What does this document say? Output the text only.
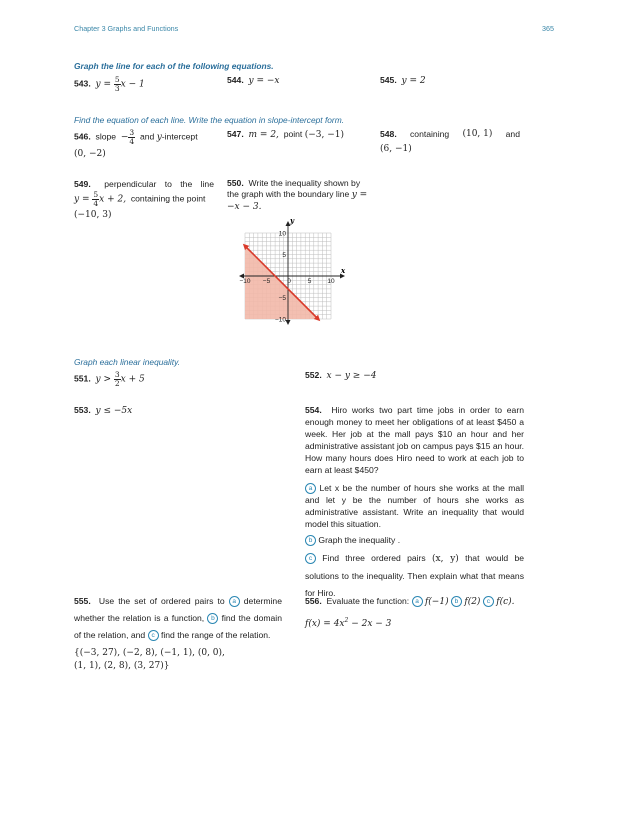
Chapter 3 Graphs and Functions	365
Graph the line for each of the following equations.
543. $y = \frac{5}{3}$ x − 1	544. y = −x	545. y = 2
Find the equation of each line. Write the equation in slope-intercept form.
546. slope − $\frac{3}{4}$ and y-intercept
(0, −2)
547. m = 2, point (−3, −1)	548. containing (10, 1) and
(6, −1)
549. perpendicular to the line
$y = \frac{5}{4}$ x + 2, containing the point
(−10, 3)
550. Write the inequality shown by the graph with the boundary line y = −x − 3.
−10 −5	0	5 10
10
5
−5
−10
x
y
Graph each linear inequality.
551. $y > \frac{3}{2}$ x + 5	552. x − y ≥ −4
553. y ≤ −5x	554. Hiro works two part time jobs in order to earn enough money to meet her obligations of at least $450 a week. Her job at the mall pays $10 an hour and her administrative assistant job on campus pays $15 an hour. How many hours does Hiro need to work at each job to earn at least $450?

a Let x be the number of hours she works at the mall and let y be the number of hours she works as administrative assistant. Write an inequality that would model this situation.

b Graph the inequality .

c Find three ordered pairs (x, y) that would be solutions to the inequality. Then explain what that means for Hiro.

555. Use the set of ordered pairs to a determine whether the relation is a function, b find the domain of the relation, and c find the range of the relation.

{(−3, 27), (−2, 8), (−1, 1), (0, 0),
(1, 1), (2, 8), (3, 27)}

556. Evaluate the function: a f(−1) b f(2) c f(c).

$f(x) = 4x^2 - 2x - 3$
